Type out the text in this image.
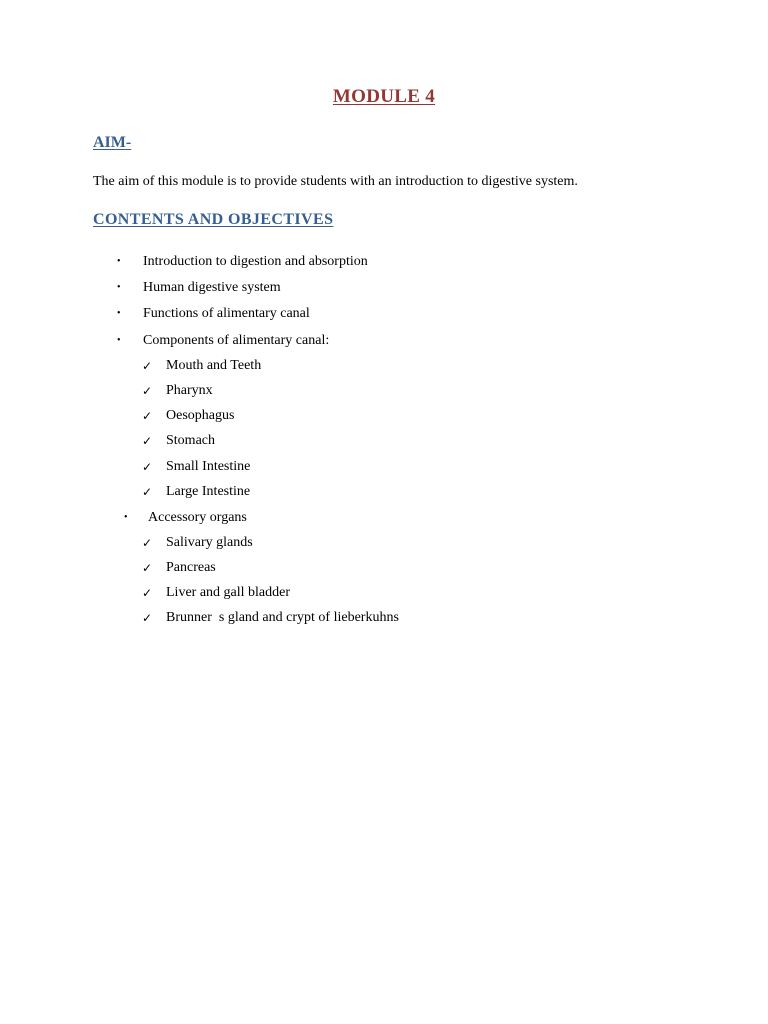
MODULE 4
AIM-
The aim of this module is to provide students with an introduction to digestive system.
CONTENTS AND OBJECTIVES
• Introduction to digestion and absorption
• Human digestive system
• Functions of alimentary canal
• Components of alimentary canal:
✓ Mouth and Teeth
✓ Pharynx
✓ Oesophagus
✓ Stomach
✓ Small Intestine
✓ Large Intestine
• Accessory organs
✓ Salivary glands
✓ Pancreas
✓ Liver and gall bladder
✓ Brunner  s gland and crypt of lieberkuhns
